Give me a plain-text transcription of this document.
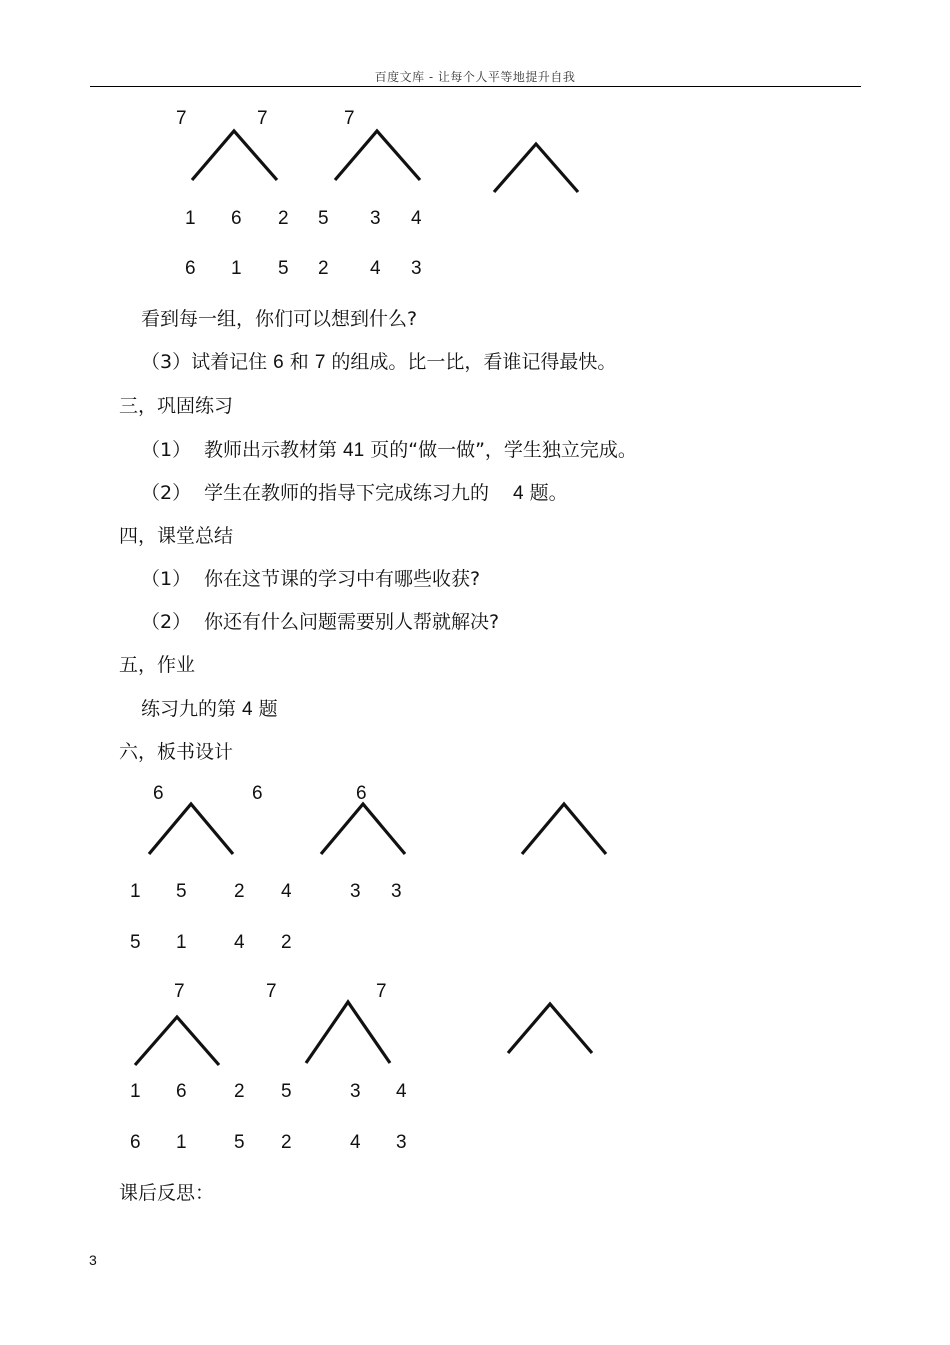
百度文库 - 让每个人平等地提升自我
7	7	7
1 6 2 5 3 4
6 1 5 2 4 3
看到每一组，你们可以想到什么?
（3）试着记住 6 和 7 的组成。比一比，看谁记得最快。
三，巩固练习
（1） 教师出示教材第 41 页的“做一做”，学生独立完成。
（2） 学生在教师的指导下完成练习九的 4 题。
四，课堂总结
（1） 你在这节课的学习中有哪些收获?
（2） 你还有什么问题需要别人帮就解决?
五，作业
练习九的第 4 题
六，板书设计
6	6	6
1 5 2 4	3 3
5 1 4 2
7	7	7
1 6 2 5	3 4
6 1 5 2	4 3
课后反思：
3
